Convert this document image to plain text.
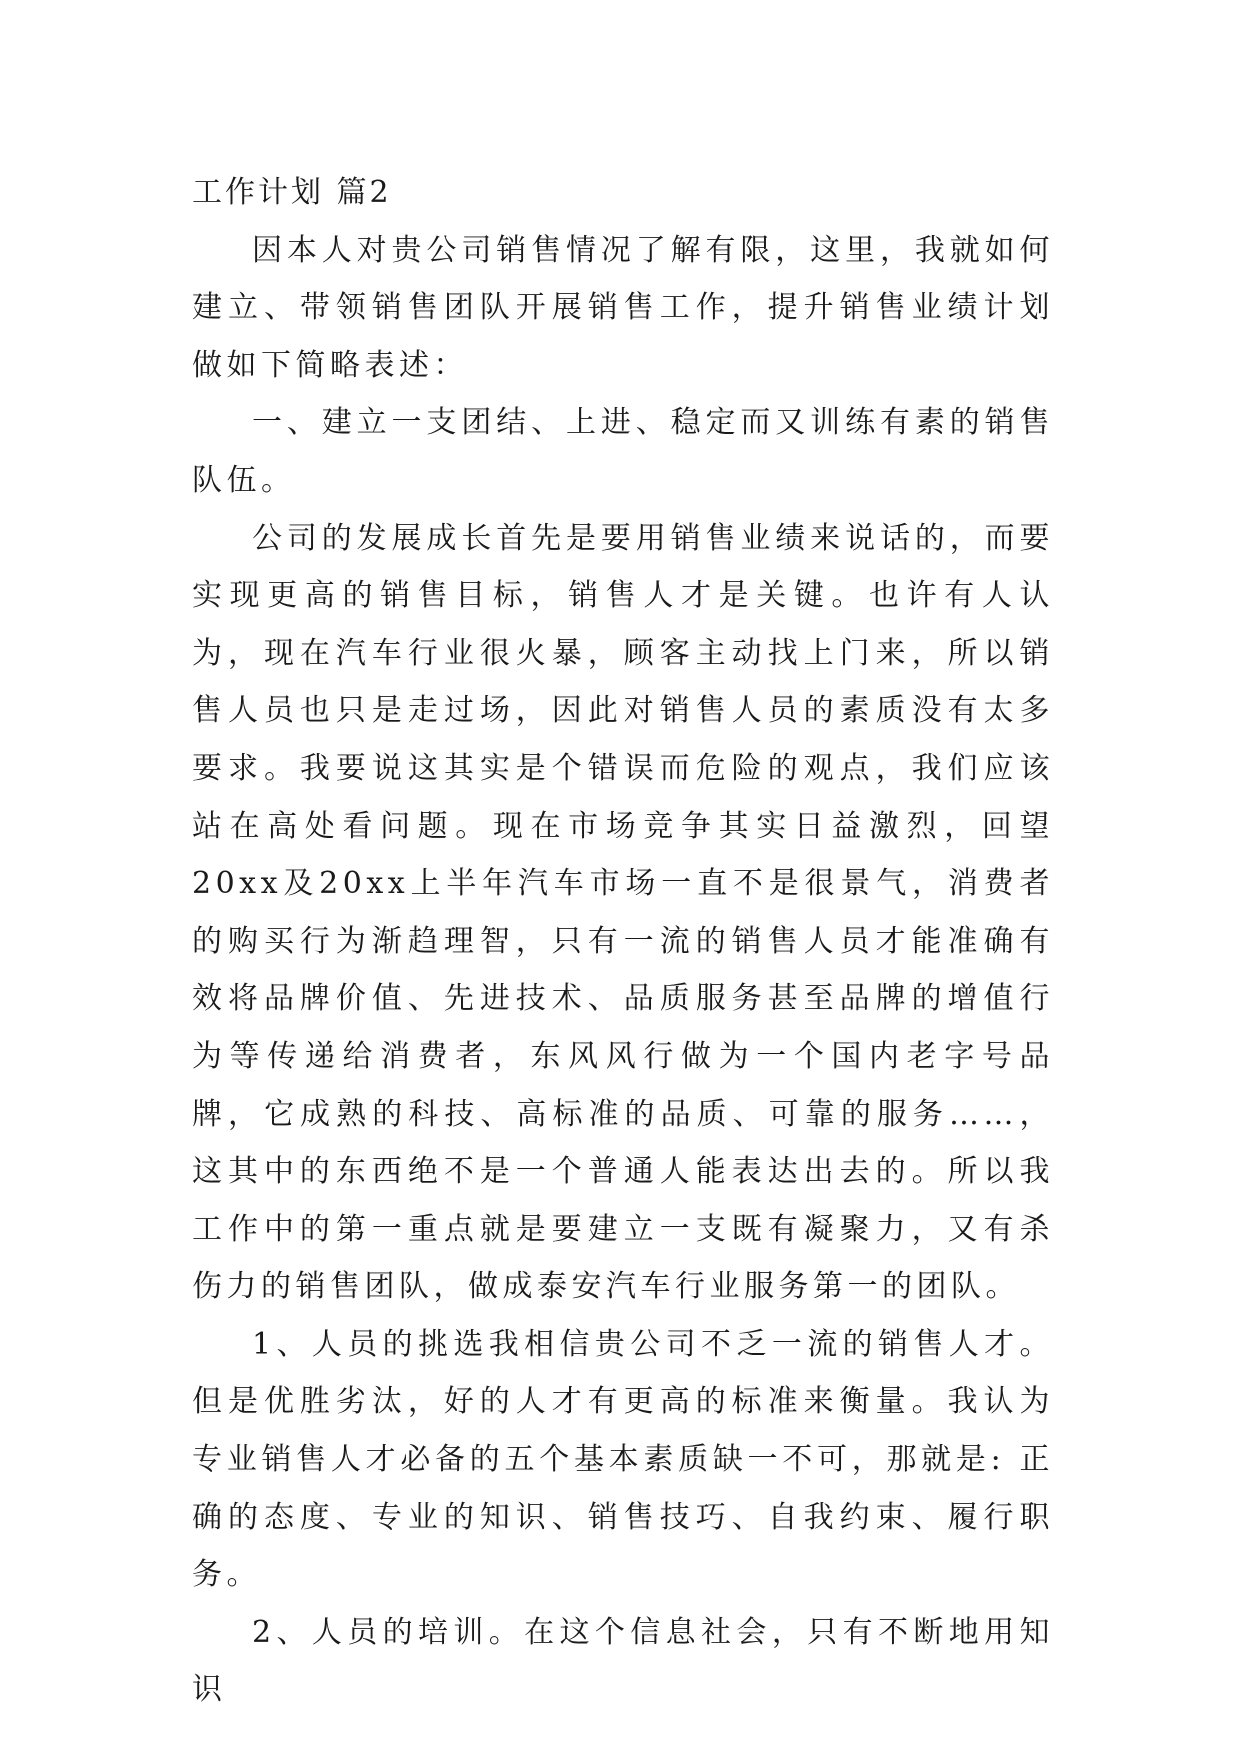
工作计划 篇2

因本人对贵公司销售情况了解有限，这里，我就如何建立、带领销售团队开展销售工作，提升销售业绩计划做如下简略表述：

一、建立一支团结、上进、稳定而又训练有素的销售队伍。

公司的发展成长首先是要用销售业绩来说话的，而要实现更高的销售目标，销售人才是关键。也许有人认为，现在汽车行业很火暴，顾客主动找上门来，所以销售人员也只是走过场，因此对销售人员的素质没有太多要求。我要说这其实是个错误而危险的观点，我们应该站在高处看问题。现在市场竞争其实日益激烈，回望20xx及20xx上半年汽车市场一直不是很景气，消费者的购买行为渐趋理智，只有一流的销售人员才能准确有效将品牌价值、先进技术、品质服务甚至品牌的增值行为等传递给消费者，东风风行做为一个国内老字号品牌，它成熟的科技、高标准的品质、可靠的服务……，这其中的东西绝不是一个普通人能表达出去的。所以我工作中的第一重点就是要建立一支既有凝聚力，又有杀伤力的销售团队，做成泰安汽车行业服务第一的团队。

1、人员的挑选我相信贵公司不乏一流的销售人才。但是优胜劣汰，好的人才有更高的标准来衡量。我认为专业销售人才必备的五个基本素质缺一不可，那就是: 正确的态度、专业的知识、销售技巧、自我约束、履行职务。

2、人员的培训。在这个信息社会，只有不断地用知识
